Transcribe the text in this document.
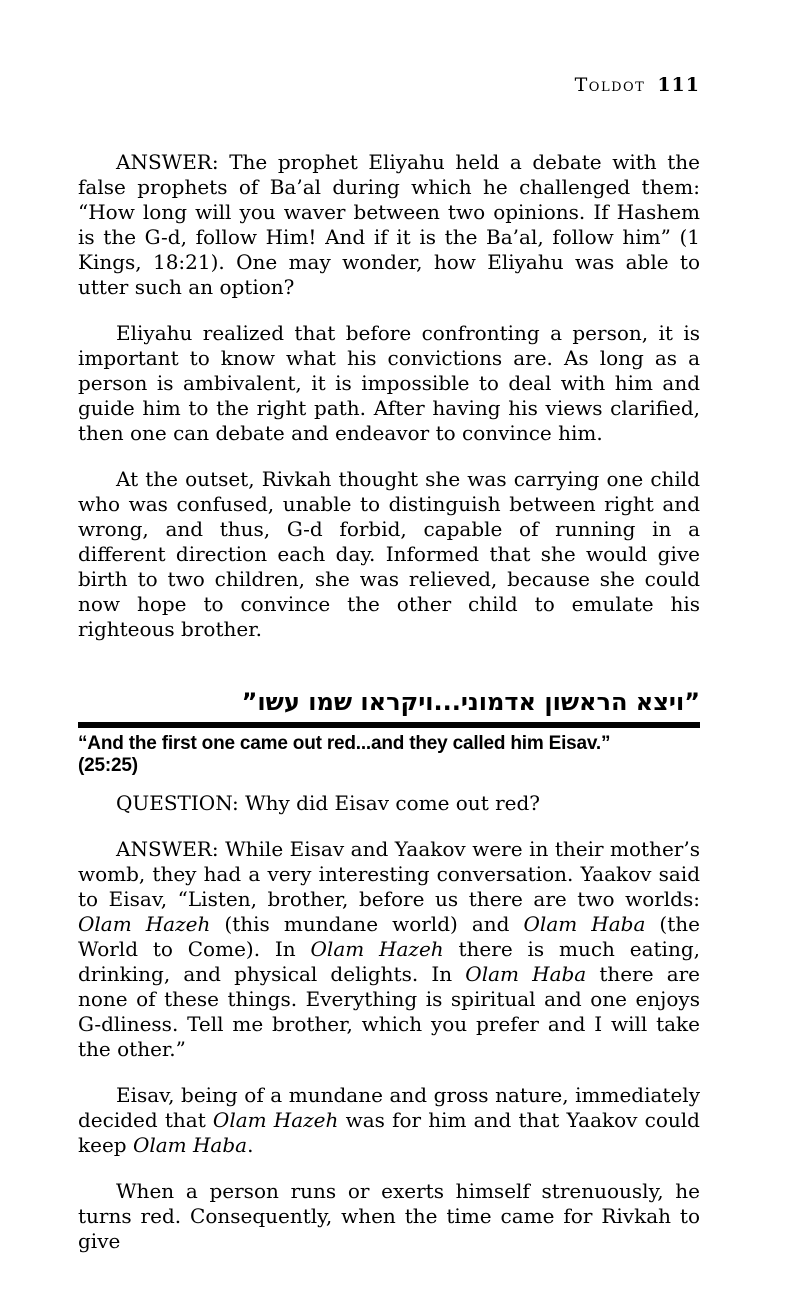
Toldot 111

ANSWER: The prophet Eliyahu held a debate with the false prophets of Ba’al during which he challenged them: “How long will you waver between two opinions. If Hashem is the G-d, follow Him! And if it is the Ba’al, follow him” (1 Kings, 18:21). One may wonder, how Eliyahu was able to utter such an option?

Eliyahu realized that before confronting a person, it is important to know what his convictions are. As long as a person is ambivalent, it is impossible to deal with him and guide him to the right path. After having his views clarified, then one can debate and endeavor to convince him.

At the outset, Rivkah thought she was carrying one child who was confused, unable to distinguish between right and wrong, and thus, G-d forbid, capable of running in a different direction each day. Informed that she would give birth to two children, she was relieved, because she could now hope to convince the other child to emulate his righteous brother.

”ויצא הראשון אדמוני...ויקראו שמו עשו”
“And the first one came out red...and they called him Eisav.”
(25:25)

QUESTION: Why did Eisav come out red?

ANSWER: While Eisav and Yaakov were in their mother’s womb, they had a very interesting conversation. Yaakov said to Eisav, “Listen, brother, before us there are two worlds: Olam Hazeh (this mundane world) and Olam Haba (the World to Come). In Olam Hazeh there is much eating, drinking, and physical delights. In Olam Haba there are none of these things. Everything is spiritual and one enjoys G-dliness. Tell me brother, which you prefer and I will take the other.”

Eisav, being of a mundane and gross nature, immediately decided that Olam Hazeh was for him and that Yaakov could keep Olam Haba.

When a person runs or exerts himself strenuously, he turns red. Consequently, when the time came for Rivkah to give
